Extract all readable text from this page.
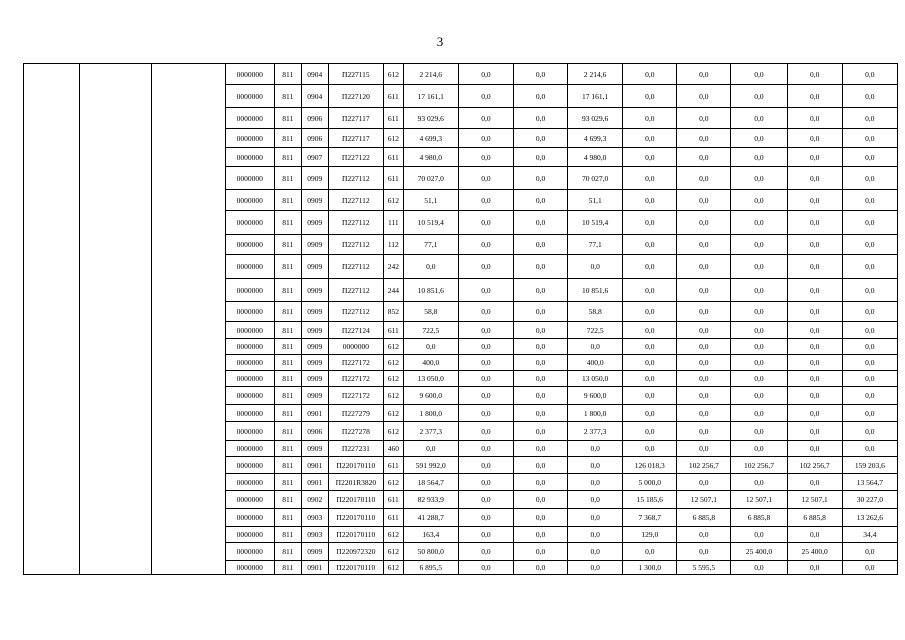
3
			0000000	811	0904	П227115	612	2 214,6	0,0	0,0	2 214,6	0,0	0,0	0,0	0,0	0,0
			0000000	811	0904	П227120	611	17 161,1	0,0	0,0	17 161,1	0,0	0,0	0,0	0,0	0,0
			0000000	811	0906	П227117	611	93 029,6	0,0	0,0	93 029,6	0,0	0,0	0,0	0,0	0,0
			0000000	811	0906	П227117	612	4 699,3	0,0	0,0	4 699,3	0,0	0,0	0,0	0,0	0,0
			0000000	811	0907	П227122	611	4 980,0	0,0	0,0	4 980,0	0,0	0,0	0,0	0,0	0,0
			0000000	811	0909	П227112	611	70 027,0	0,0	0,0	70 027,0	0,0	0,0	0,0	0,0	0,0
			0000000	811	0909	П227112	612	51,1	0,0	0,0	51,1	0,0	0,0	0,0	0,0	0,0
			0000000	811	0909	П227112	111	10 519,4	0,0	0,0	10 519,4	0,0	0,0	0,0	0,0	0,0
			0000000	811	0909	П227112	112	77,1	0,0	0,0	77,1	0,0	0,0	0,0	0,0	0,0
			0000000	811	0909	П227112	242	0,0	0,0	0,0	0,0	0,0	0,0	0,0	0,0	0,0
			0000000	811	0909	П227112	244	10 851,6	0,0	0,0	10 851,6	0,0	0,0	0,0	0,0	0,0
			0000000	811	0909	П227112	852	58,8	0,0	0,0	58,8	0,0	0,0	0,0	0,0	0,0
			0000000	811	0909	П227124	611	722,5	0,0	0,0	722,5	0,0	0,0	0,0	0,0	0,0
			0000000	811	0909	0000000	612	0,0	0,0	0,0	0,0	0,0	0,0	0,0	0,0	0,0
			0000000	811	0909	П227172	612	400,0	0,0	0,0	400,0	0,0	0,0	0,0	0,0	0,0
			0000000	811	0909	П227172	612	13 050,0	0,0	0,0	13 050,0	0,0	0,0	0,0	0,0	0,0
			0000000	811	0909	П227172	612	9 600,0	0,0	0,0	9 600,0	0,0	0,0	0,0	0,0	0,0
			0000000	811	0901	П227279	612	1 800,0	0,0	0,0	1 800,0	0,0	0,0	0,0	0,0	0,0
			0000000	811	0906	П227278	612	2 377,3	0,0	0,0	2 377,3	0,0	0,0	0,0	0,0	0,0
			0000000	811	0909	П227231	460	0,0	0,0	0,0	0,0	0,0	0,0	0,0	0,0	0,0
			0000000	811	0901	П220170110	611	591 992,0	0,0	0,0	0,0	126 018,3	102 256,7	102 256,7	102 256,7	159 203,6
			0000000	811	0901	П2201R3820	612	18 564,7	0,0	0,0	0,0	5 000,0	0,0	0,0	0,0	13 564,7
			0000000	811	0902	П220170110	611	82 933,9	0,0	0,0	0,0	15 185,6	12 507,1	12 507,1	12 507,1	30 227,0
			0000000	811	0903	П220170110	611	41 288,7	0,0	0,0	0,0	7 368,7	6 885,8	6 885,8	6 885,8	13 262,6
			0000000	811	0903	П220170110	612	163,4	0,0	0,0	0,0	129,0	0,0	0,0	0,0	34,4
			0000000	811	0909	П220972320	612	50 800,0	0,0	0,0	0,0	0,0	0,0	25 400,0	25 400,0	0,0
			0000000	811	0901	П220170110	612	6 895,5	0,0	0,0	0,0	1 300,0	5 595,5	0,0	0,0	0,0
